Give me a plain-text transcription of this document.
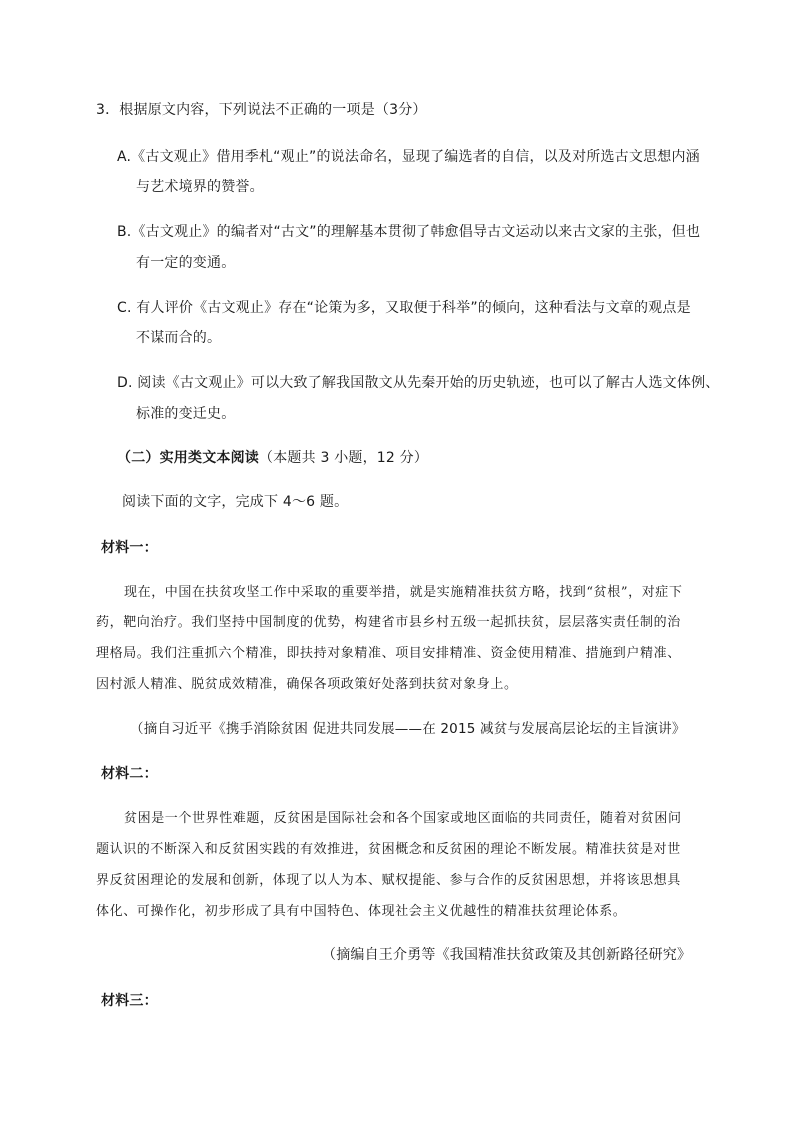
3．根据原文内容，下列说法不正确的一项是（3分）
A.《古文观止》借用季札“观止”的说法命名，显现了编选者的自信，以及对所选古文思想内涵
与艺术境界的赞誉。
B.《古文观止》的编者对“古文”的理解基本贯彻了韩愈倡导古文运动以来古文家的主张，但也
有一定的变通。
C. 有人评价《古文观止》存在“论策为多，又取便于科举”的倾向，这种看法与文章的观点是
不谋而合的。
D. 阅读《古文观止》可以大致了解我国散文从先秦开始的历史轨迹，也可以了解古人选文体例、
标准的变迁史。
（二）实用类文本阅读（本题共 3 小题，12 分）
阅读下面的文字，完成下 4～6 题。
材料一：
现在，中国在扶贫攻坚工作中采取的重要举措，就是实施精准扶贫方略，找到“贫根”，对症下
药，靶向治疗。我们坚持中国制度的优势，构建省市县乡村五级一起抓扶贫，层层落实责任制的治
理格局。我们注重抓六个精准，即扶持对象精准、项目安排精准、资金使用精准、措施到户精准、
因村派人精准、脱贫成效精准，确保各项政策好处落到扶贫对象身上。
（摘自习近平《携手消除贫困 促进共同发展——在 2015 减贫与发展高层论坛的主旨演讲》
材料二：
贫困是一个世界性难题，反贫困是国际社会和各个国家或地区面临的共同责任，随着对贫困问
题认识的不断深入和反贫困实践的有效推进，贫困概念和反贫困的理论不断发展。精准扶贫是对世
界反贫困理论的发展和创新，体现了以人为本、赋权提能、参与合作的反贫困思想，并将该思想具
体化、可操作化，初步形成了具有中国特色、体现社会主义优越性的精准扶贫理论体系。
（摘编自王介勇等《我国精准扶贫政策及其创新路径研究》
材料三：
